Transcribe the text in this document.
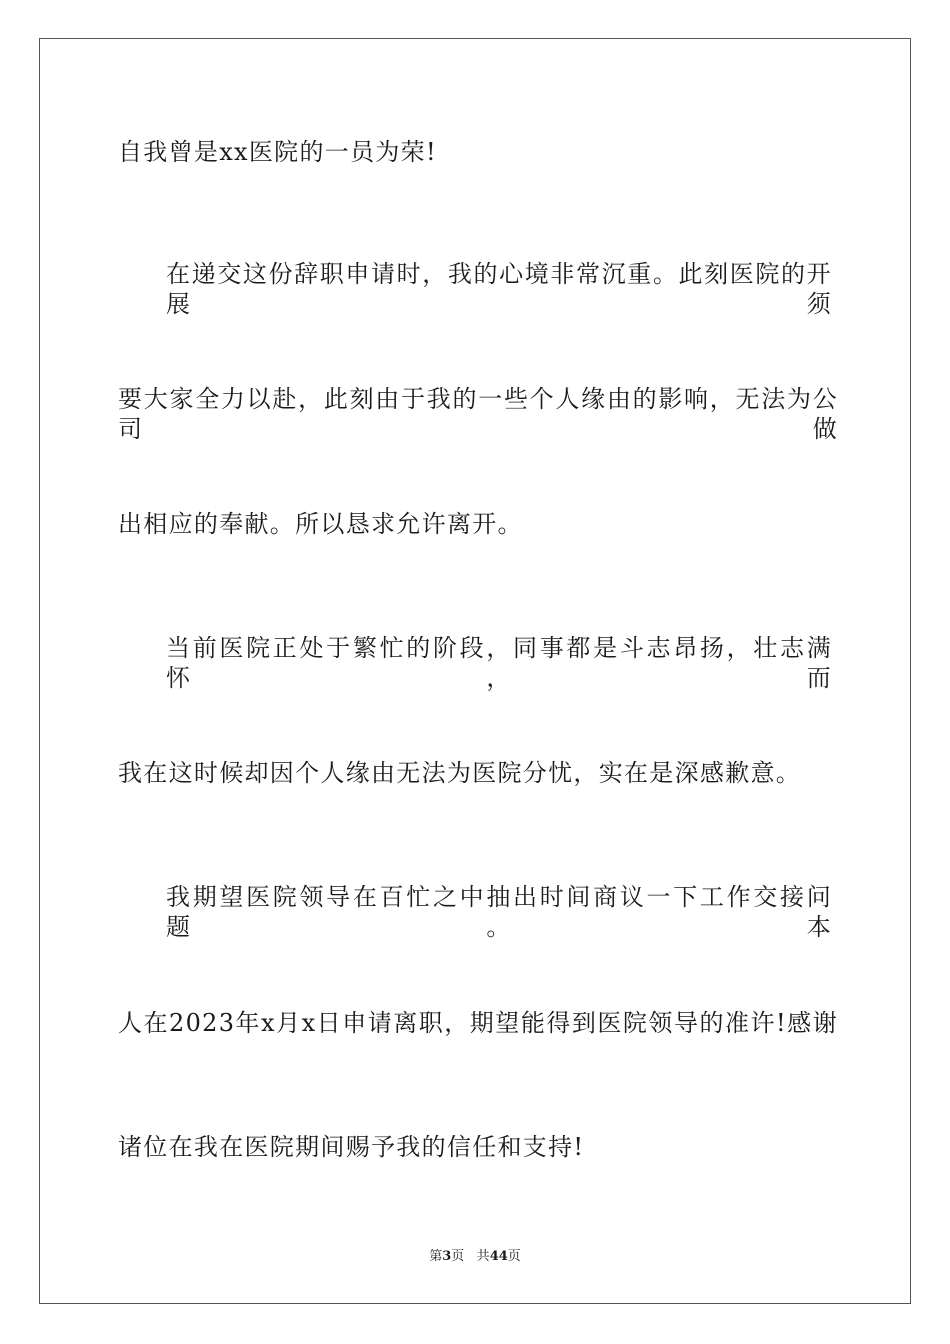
自我曾是xx医院的一员为荣!
在递交这份辞职申请时，我的心境非常沉重。此刻医院的开展须
要大家全力以赴，此刻由于我的一些个人缘由的影响，无法为公司做
出相应的奉献。所以恳求允许离开。
当前医院正处于繁忙的阶段，同事都是斗志昂扬，壮志满怀，而
我在这时候却因个人缘由无法为医院分忧，实在是深感歉意。
我期望医院领导在百忙之中抽出时间商议一下工作交接问题。本
人在2023年x月x日申请离职，期望能得到医院领导的准许!感谢
诸位在我在医院期间赐予我的信任和支持!
第3页 共44页
